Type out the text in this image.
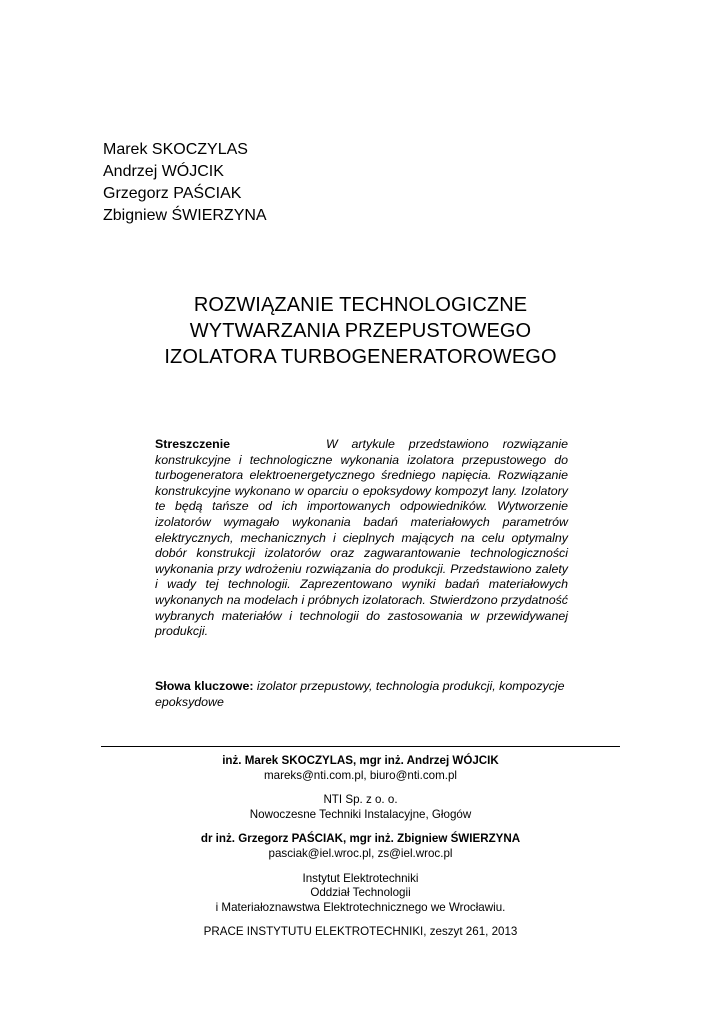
Marek SKOCZYLAS
Andrzej WÓJCIK
Grzegorz PAŚCIAK
Zbigniew ŚWIERZYNA
ROZWIĄZANIE TECHNOLOGICZNE
WYTWARZANIA PRZEPUSTOWEGO
IZOLATORA TURBOGENERATOROWEGO
Streszczenie	W artykule przedstawiono rozwiązanie konstrukcyjne i technologiczne wykonania izolatora przepustowego do turbogeneratora elektroenergetycznego średniego napięcia. Rozwiązanie konstrukcyjne wykonano w oparciu o epoksydowy kompozyt lany. Izolatory te będą tańsze od ich importowanych odpowiedników. Wytworzenie izolatorów wymagało wykonania badań materiałowych parametrów elektrycznych, mechanicznych i cieplnych mających na celu optymalny dobór konstrukcji izolatorów oraz zagwarantowanie technologiczności wykonania przy wdrożeniu rozwiązania do produkcji. Przedstawiono zalety i wady tej technologii. Zaprezentowano wyniki badań materiałowych wykonanych na modelach i próbnych izolatorach. Stwierdzono przydatność wybranych materiałów i technologii do zastosowania w przewidywanej produkcji.
Słowa kluczowe: izolator przepustowy, technologia produkcji, kompozycje epoksydowe
inż. Marek SKOCZYLAS, mgr inż. Andrzej WÓJCIK
mareks@nti.com.pl, biuro@nti.com.pl
NTI Sp. z o. o.
Nowoczesne Techniki Instalacyjne, Głogów
dr inż. Grzegorz PAŚCIAK, mgr inż. Zbigniew ŚWIERZYNA
pasciak@iel.wroc.pl, zs@iel.wroc.pl
Instytut Elektrotechniki
Oddział Technologii
i Materiałoznawstwa Elektrotechnicznego we Wrocławiu.
PRACE INSTYTUTU ELEKTROTECHNIKI, zeszyt 261, 2013
